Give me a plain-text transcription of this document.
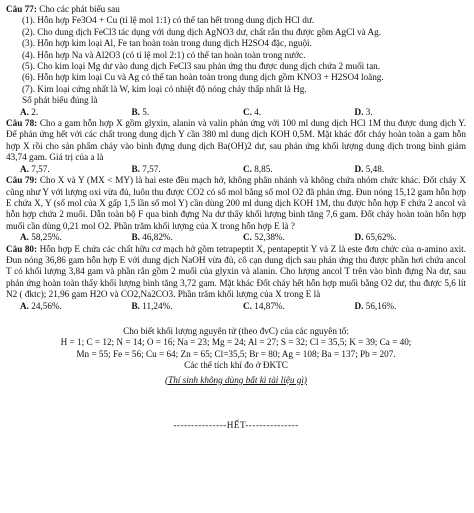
Câu 77: Cho các phát biểu sau
(1). Hỗn hợp Fe3O4 + Cu (tỉ lệ mol 1:1) có thể tan hết trong dung dịch HCl dư.
(2). Cho dung dịch FeCl3 tác dụng với dung dịch AgNO3 dư, chất rắn thu được gồm AgCl và Ag.
(3). Hỗn hợp kim loại Al, Fe tan hoàn toàn trong dung dịch H2SO4 đặc, nguội.
(4). Hỗn hợp Na và Al2O3 (có tỉ lệ mol 2:1) có thể tan hoàn toàn trong nước.
(5). Cho kim loại Mg dư vào dung dịch FeCl3 sau phản ứng thu được dung dịch chứa 2 muối tan.
(6). Hỗn hợp kim loại Cu và Ag có thể tan hoàn toàn trong dung dịch gồm KNO3 + H2SO4 loãng.
(7). Kim loại cứng nhất là W, kim loại có nhiệt độ nóng chảy thấp nhất là Hg.
Số phát biểu đúng là
A. 2.	B. 5.	C. 4.	D. 3.
Câu 78: Cho a gam hỗn hợp X gồm glyxin, alanin và valin phản ứng với 100 ml dung dịch HCl 1M thu được dung dịch Y. Để phản ứng hết với các chất trong dung dịch Y cần 380 ml dung dịch KOH 0,5M. Mặt khác đốt cháy hoàn toàn a gam hỗn hợp X rồi cho sản phẩm cháy vào bình đựng dung dịch Ba(OH)2 dư, sau phản ứng khối lượng dung dịch trong bình giảm 43,74 gam. Giá trị của a là
A. 7,57.	B. 7,57.	C. 8,85.	D. 5,48.
Câu 79: Cho X và Y (MX < MY) là hai este đều mạch hở, không phân nhánh và không chứa nhóm chức khác. Đốt cháy X cũng như Y với lượng oxi vừa đủ, luôn thu được CO2 có số mol bằng số mol O2 đã phản ứng. Đun nóng 15,12 gam hỗn hợp E chứa X, Y (số mol của X gấp 1,5 lần số mol Y) cần dùng 200 ml dung dịch KOH 1M, thu được hỗn hợp F chứa 2 ancol và hỗn hợp chứa 2 muối. Dẫn toàn bộ F qua bình đựng Na dư thấy khối lượng bình tăng 7,6 gam. Đốt cháy hoàn toàn hỗn hợp muối cần dùng 0,21 mol O2. Phần trăm khối lượng của X trong hỗn hợp E là ?
A. 58,25%.	B. 46,82%.	C. 52,38%.	D. 65,62%.
Câu 80: Hỗn hợp E chứa các chất hữu cơ mạch hở gồm tetrapeptit X, pentapeptit Y và Z là este đơn chức của α-amino axit. Đun nóng 36,86 gam hỗn hợp E với dung dịch NaOH vừa đủ, cô cạn dung dịch sau phản ứng thu được phần hơi chứa ancol T có khối lượng 3,84 gam và phần rắn gồm 2 muối của glyxin và alanin. Cho lượng ancol T trên vào bình đựng Na dư, sau phản ứng hoàn toàn thấy khối lượng bình tăng 3,72 gam. Mặt khác Đốt cháy hết hỗn hợp muối bằng O2 dư, thu được 5,6 lít N2 ( đktc); 21,96 gam H2O và CO2,Na2CO3. Phần trăm khối lượng của X trong E là
A. 24,56%.	B. 11,24%.	C. 14,87%.	D. 56,16%.
Cho biết khối lượng nguyên tử (theo đvC) của các nguyên tố:
H = 1; C = 12; N = 14; O = 16; Na = 23; Mg = 24; Al = 27; S = 32; Cl = 35,5; K = 39; Ca = 40;
Mn = 55; Fe = 56; Cu = 64; Zn = 65; Cl=35,5; Br = 80; Ag = 108; Ba = 137; Pb = 207.
Các thể tích khí đo ở ĐKTC
(Thí sinh không dùng bất kì tài liệu gì)
---------------HẾT---------------
